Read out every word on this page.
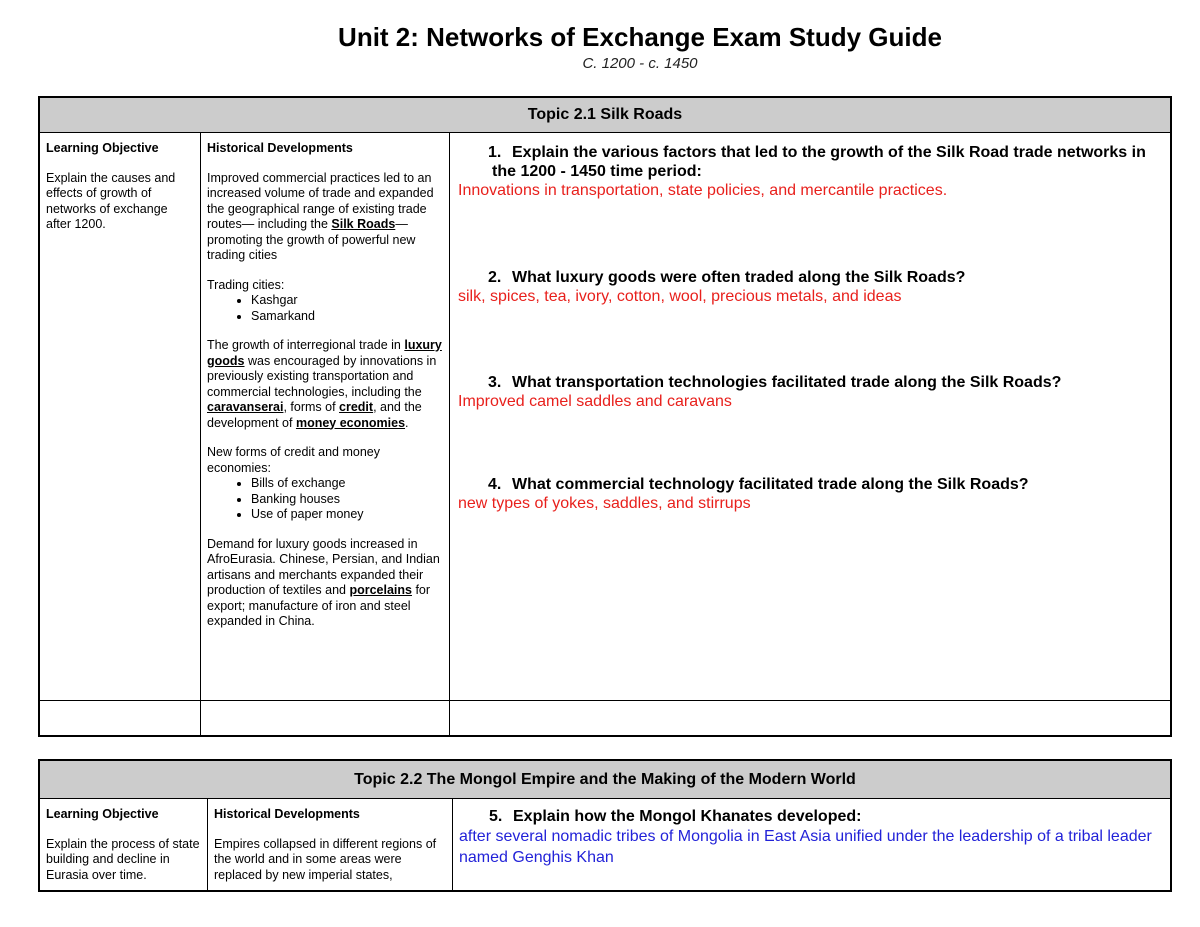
Unit 2: Networks of Exchange Exam Study Guide
C. 1200 - c. 1450
Topic 2.1 Silk Roads
Learning Objective

Explain the causes and effects of growth of networks of exchange after 1200.

Historical Developments

Improved commercial practices led to an increased volume of trade and expanded the geographical range of existing trade routes— including the Silk Roads—promoting the growth of powerful new trading cities

Trading cities:
• Kashgar
• Samarkand

The growth of interregional trade in luxury goods was encouraged by innovations in previously existing transportation and commercial technologies, including the caravanserai, forms of credit, and the development of money economies.

New forms of credit and money economies:
• Bills of exchange
• Banking houses
• Use of paper money

Demand for luxury goods increased in AfroEurasia. Chinese, Persian, and Indian artisans and merchants expanded their production of textiles and porcelains for export; manufacture of iron and steel expanded in China.

1. Explain the various factors that led to the growth of the Silk Road trade networks in the 1200 - 1450 time period:

Innovations in transportation, state policies, and mercantile practices.

2. What luxury goods were often traded along the Silk Roads?

silk, spices, tea, ivory, cotton, wool, precious metals, and ideas

3. What transportation technologies facilitated trade along the Silk Roads?

Improved camel saddles and caravans

4. What commercial technology facilitated trade along the Silk Roads?

new types of yokes, saddles, and stirrups

Topic 2.2 The Mongol Empire and the Making of the Modern World
Learning Objective

Explain the process of state building and decline in Eurasia over time.

Historical Developments

Empires collapsed in different regions of the world and in some areas were replaced by new imperial states,

5. Explain how the Mongol Khanates developed:

after several nomadic tribes of Mongolia in East Asia unified under the leadership of a tribal leader named Genghis Khan
